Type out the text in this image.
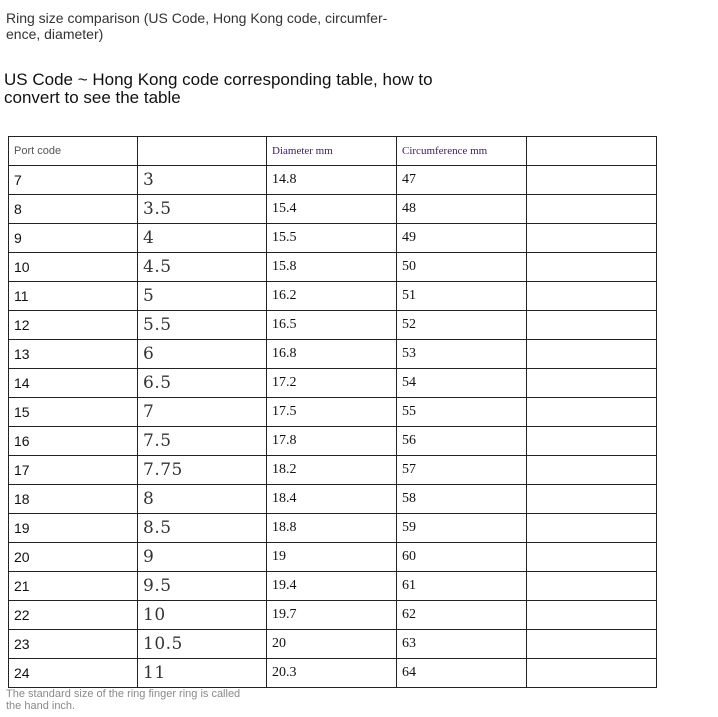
Ring size comparison (US Code, Hong Kong code, circumfer- ence, diameter)
US Code ~ Hong Kong code corresponding table, how to convert to see the table
Port code		Diameter mm	Circumference mm	
7	3	14.8	47	
8	3.5	15.4	48	
9	4	15.5	49	
10	4.5	15.8	50	
11	5	16.2	51	
12	5.5	16.5	52	
13	6	16.8	53	
14	6.5	17.2	54	
15	7	17.5	55	
16	7.5	17.8	56	
17	7.75	18.2	57	
18	8	18.4	58	
19	8.5	18.8	59	
20	9	19	60	
21	9.5	19.4	61	
22	10	19.7	62	
23	10.5	20	63	
24	11	20.3	64	
The standard size of the ring finger ring is called the hand inch.
